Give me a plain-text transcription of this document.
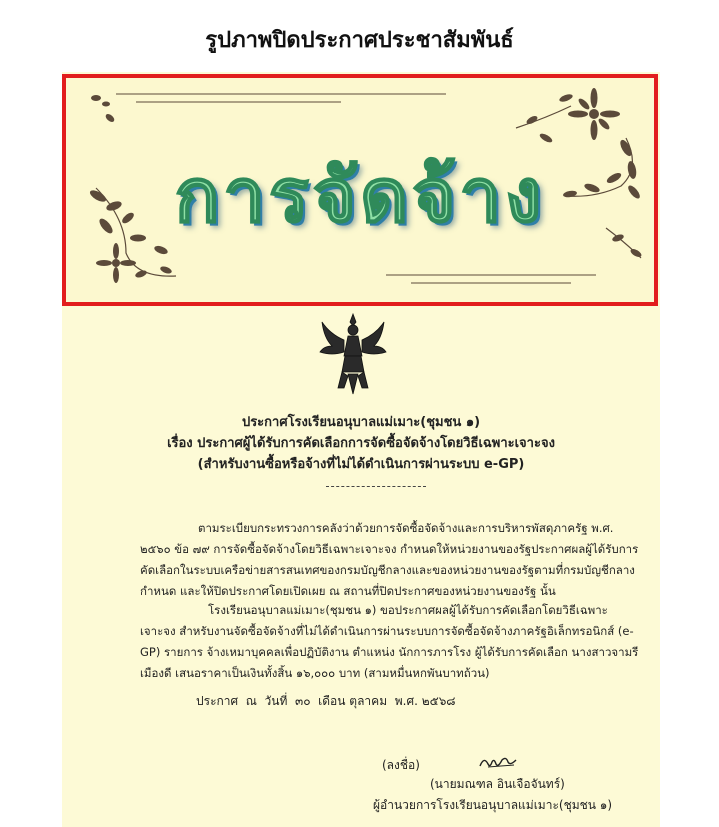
รูปภาพปิดประกาศประชาสัมพันธ์
การจัดจ้าง
ประกาศโรงเรียนอนุบาลแม่เมาะ(ชุมชน ๑)
เรื่อง ประกาศผู้ได้รับการคัดเลือกการจัดซื้อจัดจ้างโดยวิธีเฉพาะเจาะจง
(สำหรับงานซื้อหรือจ้างที่ไม่ได้ดำเนินการผ่านระบบ e-GP)
ตามระเบียบกระทรวงการคลังว่าด้วยการจัดซื้อจัดจ้างและการบริหารพัสดุภาครัฐ พ.ศ. ๒๕๖๐ ข้อ ๗๙ การจัดซื้อจัดจ้างโดยวิธีเฉพาะเจาะจง กำหนดให้หน่วยงานของรัฐประกาศผลผู้ได้รับการคัดเลือกในระบบเครือข่ายสารสนเทศของกรมบัญชีกลางและของหน่วยงานของรัฐตามที่กรมบัญชีกลางกำหนด และให้ปิดประกาศโดยเปิดเผย ณ สถานที่ปิดประกาศของหน่วยงานของรัฐ นั้น
โรงเรียนอนุบาลแม่เมาะ(ชุมชน ๑) ขอประกาศผลผู้ได้รับการคัดเลือกโดยวิธีเฉพาะเจาะจง สำหรับงานจัดซื้อจัดจ้างที่ไม่ได้ดำเนินการผ่านระบบการจัดซื้อจัดจ้างภาครัฐอิเล็กทรอนิกส์ (e-GP) รายการ จ้างเหมาบุคคลเพื่อปฏิบัติงาน ตำแหน่ง นักการภารโรง ผู้ได้รับการคัดเลือก นางสาวจามรี เมืองดี เสนอราคาเป็นเงินทั้งสิ้น ๑๖,๐๐๐ บาท (สามหมื่นหกพันบาทถ้วน)
ประกาศ  ณ  วันที่  ๓๐  เดือน ตุลาคม  พ.ศ. ๒๕๖๘
(ลงชื่อ)
(นายมณฑล อินเจือจันทร์)
ผู้อำนวยการโรงเรียนอนุบาลแม่เมาะ(ชุมชน ๑)
